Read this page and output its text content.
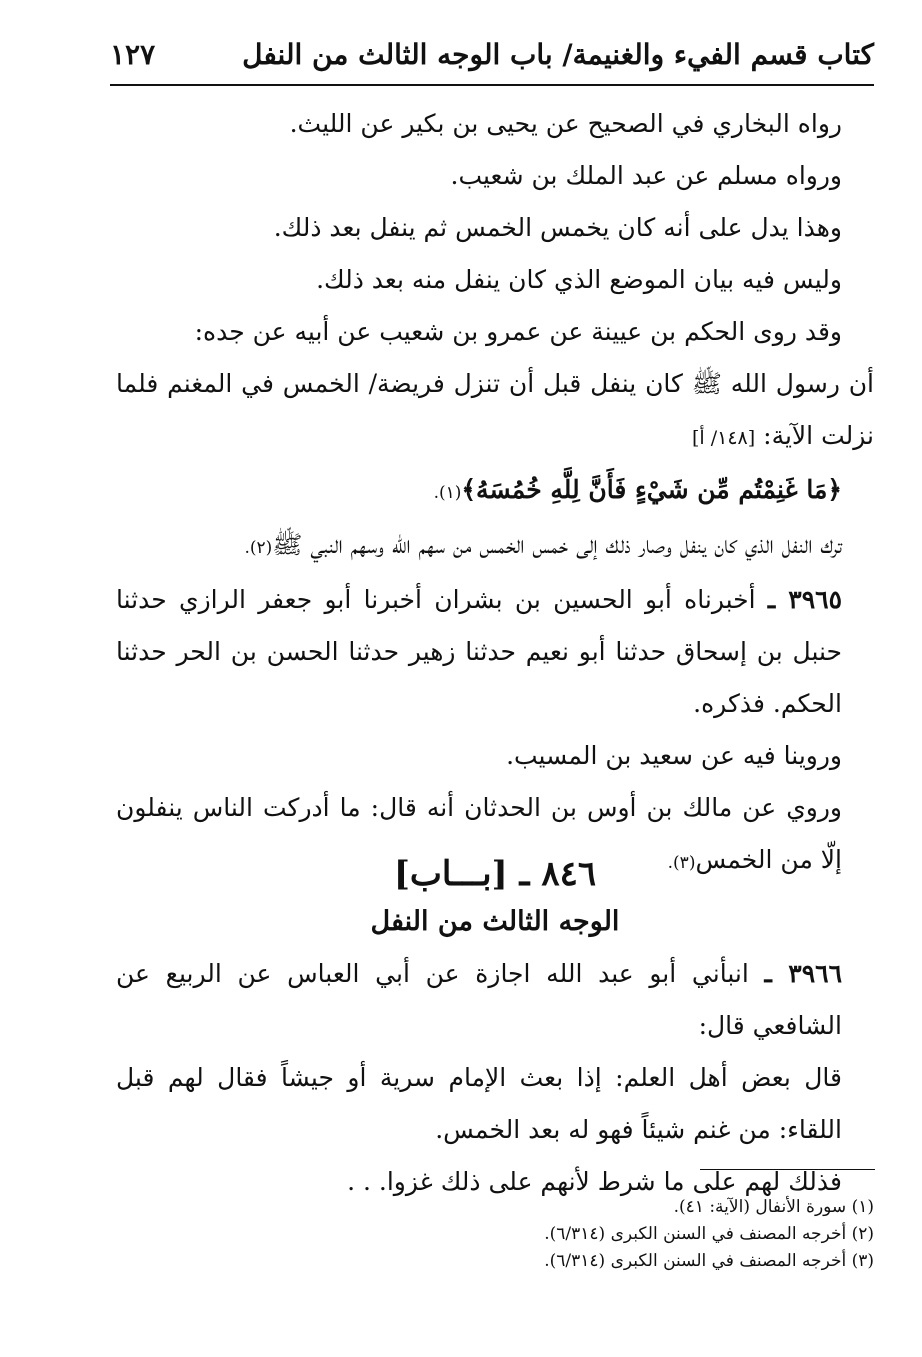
كتاب قسم الفيء والغنيمة/ باب الوجه الثالث من النفل
١٢٧

رواه البخاري في الصحيح عن يحيى بن بكير عن الليث.

ورواه مسلم عن عبد الملك بن شعيب.

وهذا يدل على أنه كان يخمس الخمس ثم ينفل بعد ذلك.

وليس فيه بيان الموضع الذي كان ينفل منه بعد ذلك.

وقد روى الحكم بن عيينة عن عمرو بن شعيب عن أبيه عن جده:

أن رسول الله ﷺ كان ينفل قبل أن تنزل فريضة/ الخمس في المغنم فلما نزلت الآية: [١٤٨/ أ]

﴿مَا غَنِمْتُم مِّن شَيْءٍ فَأَنَّ لِلَّهِ خُمُسَهُ﴾(١).

ترك النفل الذي كان ينفل وصار ذلك إلى خمس الخمس من سهم الله وسهم النبي ﷺ(٢).

٣٩٦٥ ـ أخبرناه أبو الحسين بن بشران أخبرنا أبو جعفر الرازي حدثنا حنبل بن إسحاق حدثنا أبو نعيم حدثنا زهير حدثنا الحسن بن الحر حدثنا الحكم. فذكره.

وروينا فيه عن سعيد بن المسيب.

وروي عن مالك بن أوس بن الحدثان أنه قال: ما أدركت الناس ينفلون إلّا من الخمس(٣).

٨٤٦ ـ [بـــاب]
الوجه الثالث من النفل

٣٩٦٦ ـ انبأني أبو عبد الله اجازة عن أبي العباس عن الربيع عن الشافعي قال:

قال بعض أهل العلم: إذا بعث الإمام سرية أو جيشاً فقال لهم قبل اللقاء: من غنم شيئاً فهو له بعد الخمس.

فذلك لهم على ما شرط لأنهم على ذلك غزوا. . .

(١) سورة الأنفال (الآية: ٤١).

(٢) أخرجه المصنف في السنن الكبرى (٦/٣١٤).

(٣) أخرجه المصنف في السنن الكبرى (٦/٣١٤).
